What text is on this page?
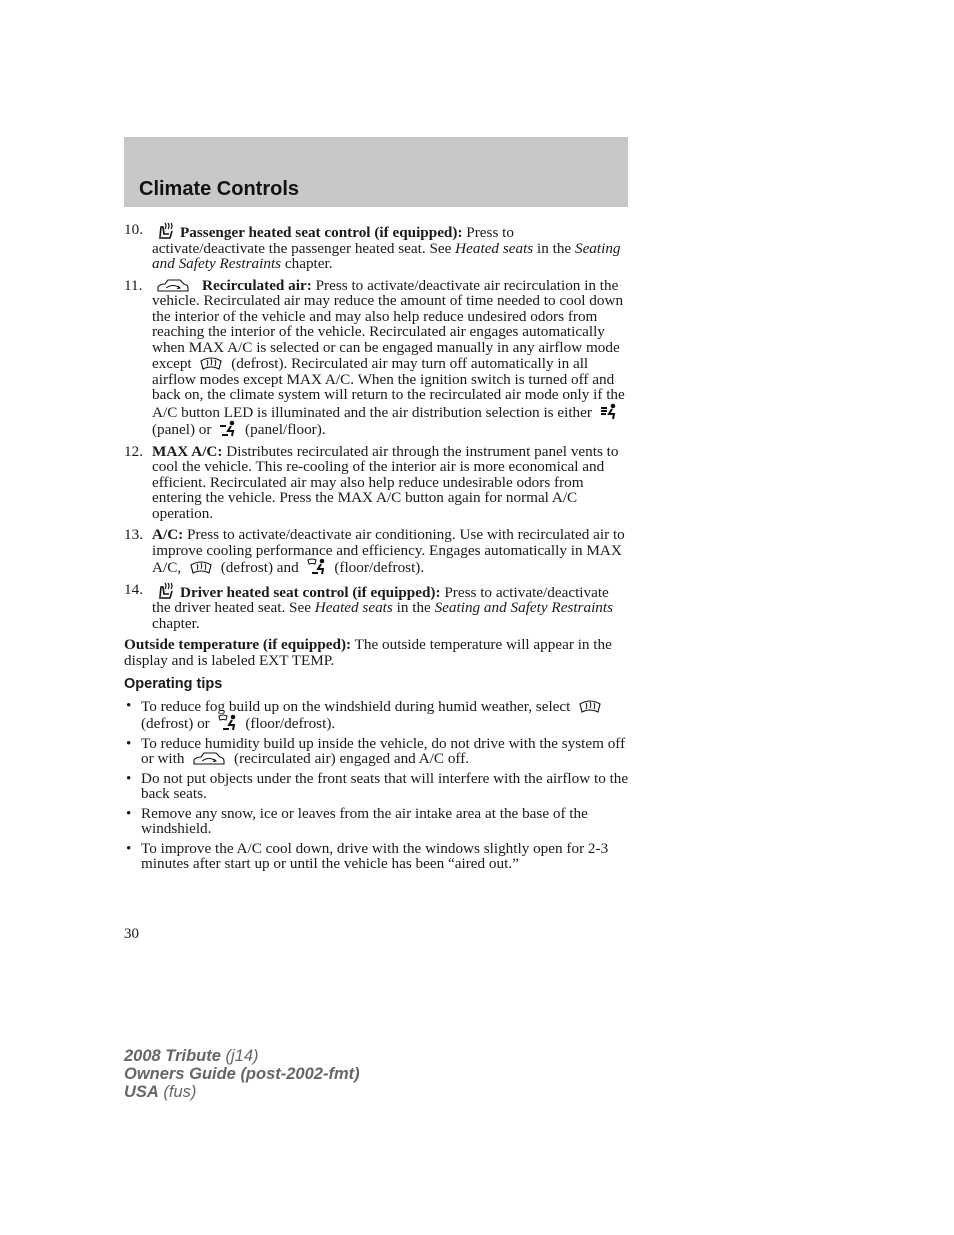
Climate Controls
10. Passenger heated seat control (if equipped): Press to activate/deactivate the passenger heated seat. See Heated seats in the Seating and Safety Restraints chapter.
11.	Recirculated air: Press to activate/deactivate air recirculation in the vehicle. Recirculated air may reduce the amount of time needed to cool down the interior of the vehicle and may also help reduce undesired odors from reaching the interior of the vehicle. Recirculated air engages automatically when MAX A/C is selected or can be engaged manually in any airflow mode except
(defrost). Recirculated air may turn off automatically in all airflow modes except MAX A/C. When the ignition switch is turned off and back on, the climate system will return to the recirculated air mode only if the A/C button LED is illuminated and the air distribution selection is either
(panel) or
(panel/floor).
12. MAX A/C: Distributes recirculated air through the instrument panel vents to cool the vehicle. This re-cooling of the interior air is more economical and efficient. Recirculated air may also help reduce undesirable odors from entering the vehicle. Press the MAX A/C button again for normal A/C operation.
13. A/C: Press to activate/deactivate air conditioning. Use with recirculated air to improve cooling performance and efficiency. Engages automatically in MAX A/C,
(defrost) and
(floor/defrost).
14. Driver heated seat control (if equipped): Press to activate/deactivate the driver heated seat. See Heated seats in the Seating and Safety Restraints chapter.

Outside temperature (if equipped): The outside temperature will appear in the display and is labeled EXT TEMP.

Operating tips
• To reduce fog build up on the windshield during humid weather, select
(defrost) or
(floor/defrost).
• To reduce humidity build up inside the vehicle, do not drive with the system off or with	(recirculated air) engaged and A/C off.
• Do not put objects under the front seats that will interfere with the airflow to the back seats.
• Remove any snow, ice or leaves from the air intake area at the base of the windshield.
• To improve the A/C cool down, drive with the windows slightly open for 2-3 minutes after start up or until the vehicle has been “aired out.”
30
2008 Tribute (j14)
Owners Guide (post-2002-fmt)
USA (fus)
